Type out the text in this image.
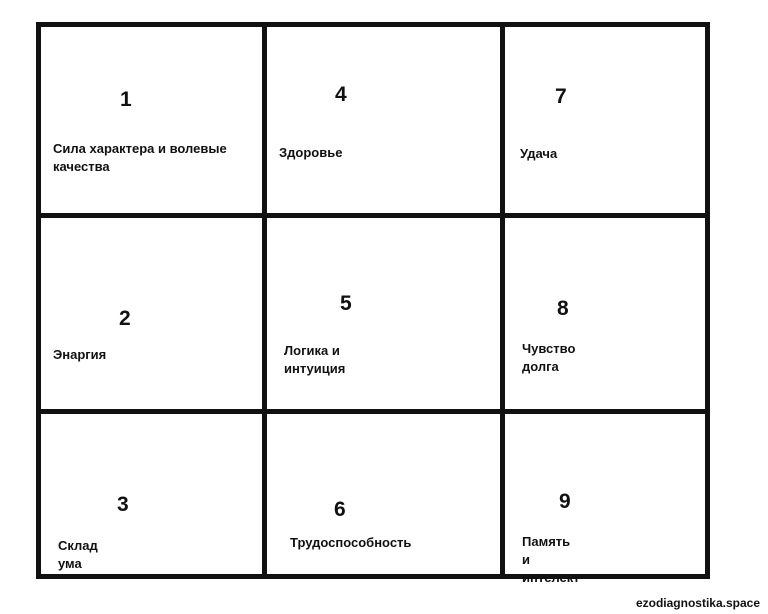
1
Сила характера и волевые качества
4
Здоровье
7
Удача
2
Энаргия
5
Логика и интуиция
8
Чувство долга
3
Склад ума
6
Трудоспособность
9
Память и интелект
ezodiagnostika.space
